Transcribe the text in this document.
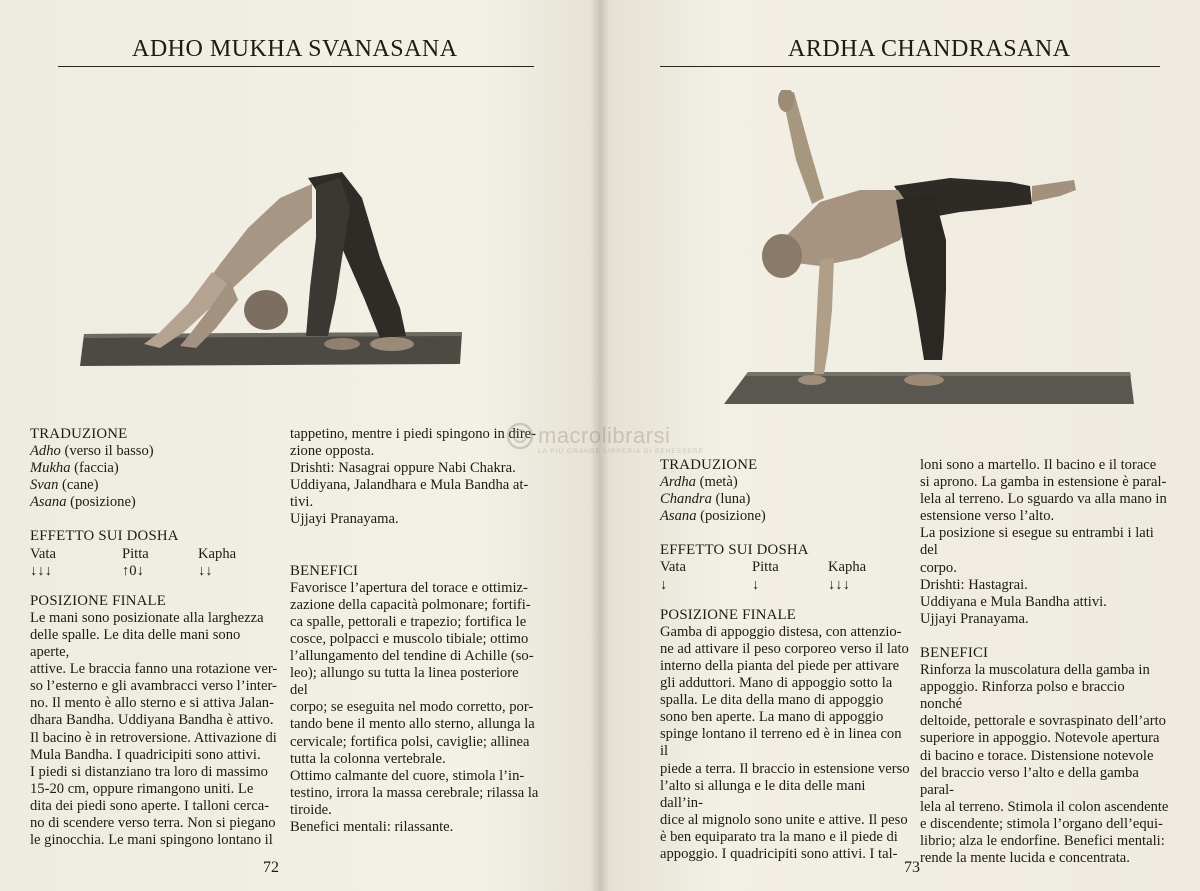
ADHO MUKHA SVANASANA

TRADUZIONE

Adho (verso il basso)

Mukha (faccia)

Svan (cane)

Asana (posizione)

EFFETTO SUI DOSHA

Vata	Pitta	Kapha
↓↓↓	↑0↓	↓↓

POSIZIONE FINALE

Le mani sono posizionate alla larghezza

delle spalle. Le dita delle mani sono aperte,

attive. Le braccia fanno una rotazione ver-

so l’esterno e gli avambracci verso l’inter-

no. Il mento è allo sterno e si attiva Jalan-

dhara Bandha. Uddiyana Bandha è attivo.

Il bacino è in retroversione. Attivazione di

Mula Bandha. I quadricipiti sono attivi.

I piedi si distanziano tra loro di massimo

15-20 cm, oppure rimangono uniti. Le

dita dei piedi sono aperte. I talloni cerca-

no di scendere verso terra. Non si piegano

le ginocchia. Le mani spingono lontano il

tappetino, mentre i piedi spingono in dire-

zione opposta.

Drishti: Nasagrai oppure Nabi Chakra.

Uddiyana, Jalandhara e Mula Bandha at-

tivi.

Ujjayi Pranayama.

BENEFICI

Favorisce l’apertura del torace e ottimiz-

zazione della capacità polmonare; fortifi-

ca spalle, pettorali e trapezio; fortifica le

cosce, polpacci e muscolo tibiale; ottimo

l’allungamento del tendine di Achille (so-

leo); allungo su tutta la linea posteriore del

corpo; se eseguita nel modo corretto, por-

tando bene il mento allo sterno, allunga la

cervicale; fortifica polsi, caviglie; allinea

tutta la colonna vertebrale.

Ottimo calmante del cuore, stimola l’in-

testino, irrora la massa cerebrale; rilassa la

tiroide.

Benefici mentali: rilassante.

72
ARDHA CHANDRASANA

TRADUZIONE

Ardha (metà)

Chandra (luna)

Asana (posizione)

EFFETTO SUI DOSHA

Vata	Pitta	Kapha
↓	↓	↓↓↓

POSIZIONE FINALE

Gamba di appoggio distesa, con attenzio-

ne ad attivare il peso corporeo verso il lato

interno della pianta del piede per attivare

gli adduttori. Mano di appoggio sotto la

spalla. Le dita della mano di appoggio

sono ben aperte. La mano di appoggio

spinge lontano il terreno ed è in linea con il

piede a terra. Il braccio in estensione verso

l’alto si allunga e le dita delle mani dall’in-

dice al mignolo sono unite e attive. Il peso

è ben equiparato tra la mano e il piede di

appoggio. I quadricipiti sono attivi. I tal-

loni sono a martello. Il bacino e il torace

si aprono. La gamba in estensione è paral-

lela al terreno. Lo sguardo va alla mano in

estensione verso l’alto.

La posizione si esegue su entrambi i lati del

corpo.

Drishti: Hastagrai.

Uddiyana e Mula Bandha attivi.

Ujjayi Pranayama.

BENEFICI

Rinforza la muscolatura della gamba in

appoggio. Rinforza polso e braccio nonché

deltoide, pettorale e sovraspinato dell’arto

superiore in appoggio. Notevole apertura

di bacino e torace. Distensione notevole

del braccio verso l’alto e della gamba paral-

lela al terreno. Stimola il colon ascendente

e discendente; stimola l’organo dell’equi-

librio; alza le endorfine. Benefici mentali:

rende la mente lucida e concentrata.

73
macrolibrarsi
LA PIÙ GRANDE LIBRERIA DI BENESSERE
